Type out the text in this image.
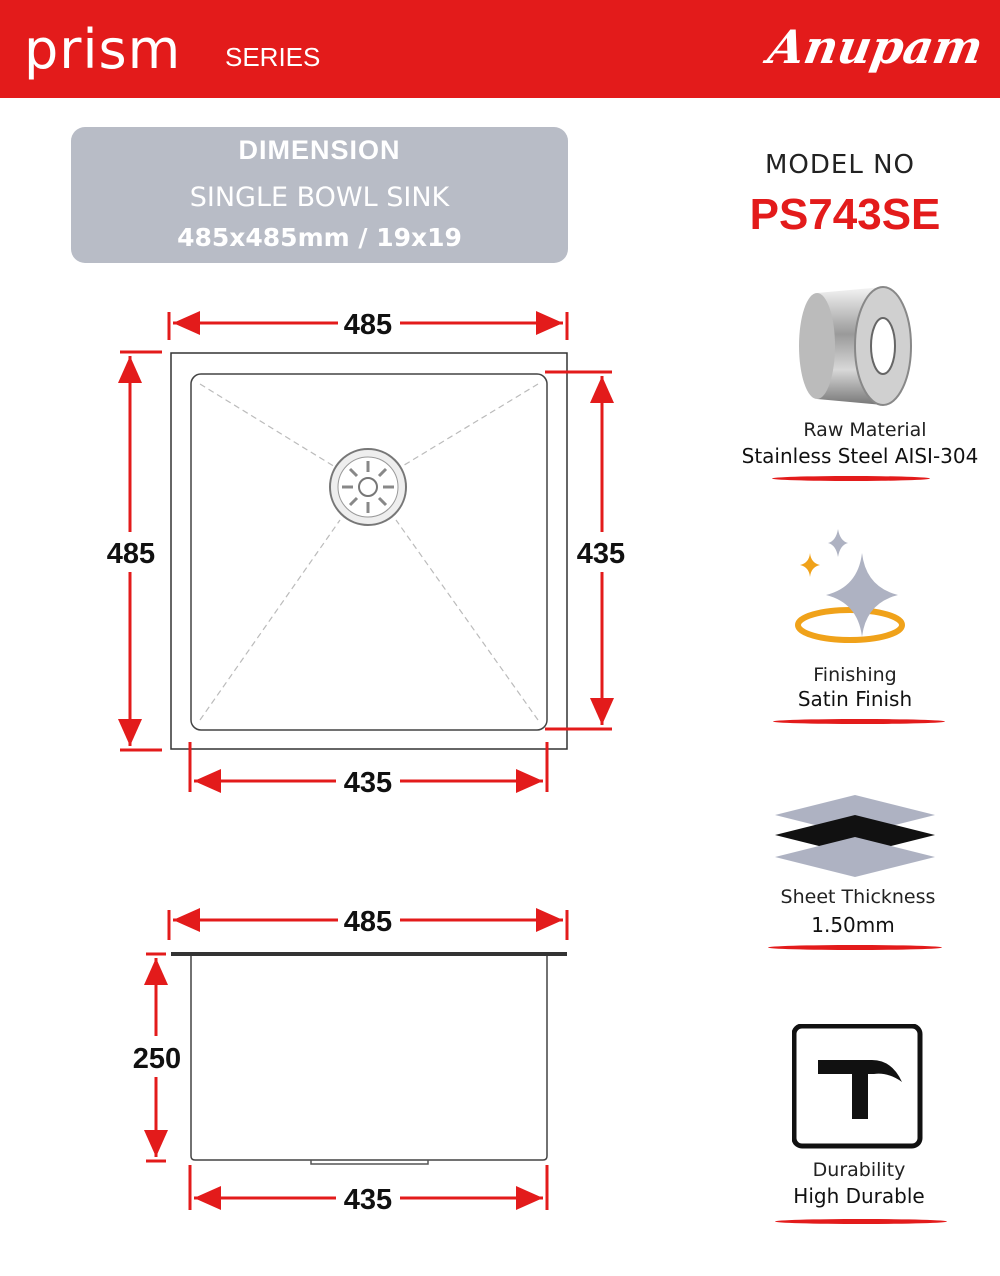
prism SERIES	Anupam
DIMENSION
SINGLE BOWL SINK
485x485mm / 19x19
MODEL NO
PS743SE
485
485	435
435
485
250
435
Raw Material
Stainless Steel AISI-304
Finishing
Satin Finish
Sheet Thickness
1.50mm
Durability
High Durable
